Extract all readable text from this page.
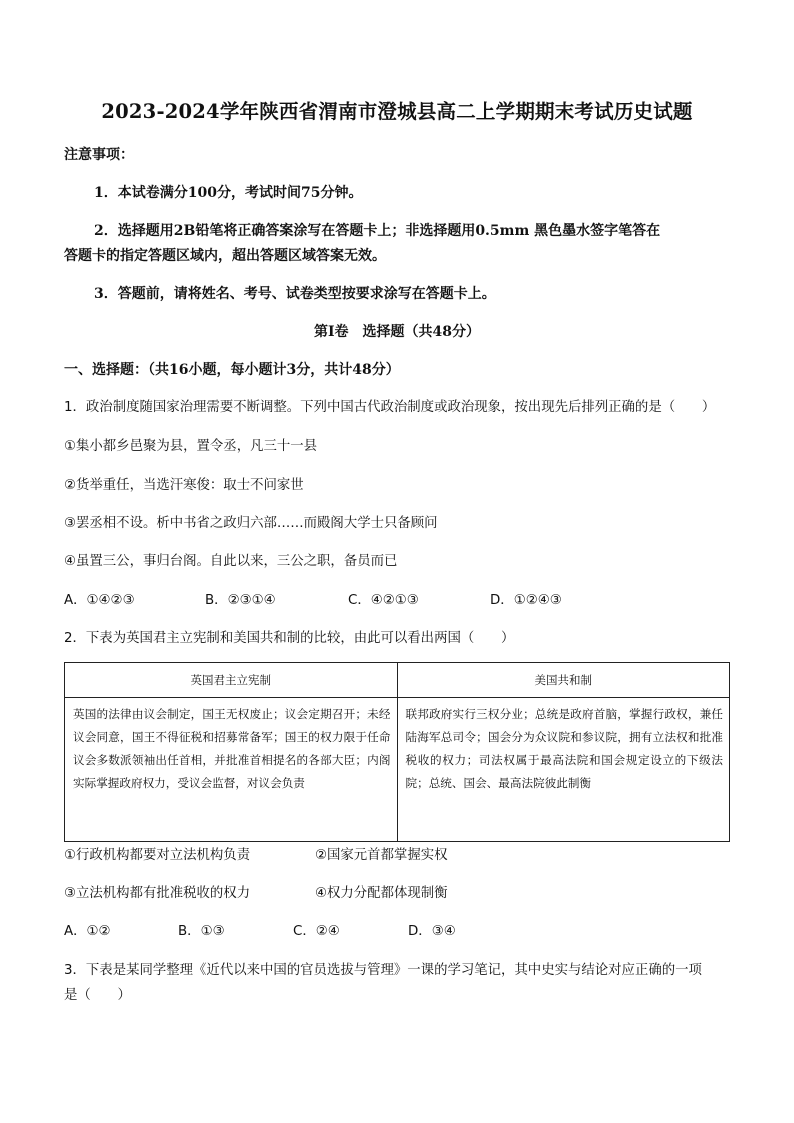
2023-2024学年陕西省渭南市澄城县高二上学期期末考试历史试题
注意事项：
1．本试卷满分100分，考试时间75分钟。
2．选择题用2B铅笔将正确答案涂写在答题卡上；非选择题用0.5mm 黑色墨水签字笔答在
答题卡的指定答题区域内，超出答题区域答案无效。
3．答题前，请将姓名、考号、试卷类型按要求涂写在答题卡上。
第Ⅰ卷　选择题（共48分）
一、选择题：（共16小题，每小题计3分，共计48分）
1．政治制度随国家治理需要不断调整。下列中国古代政治制度或政治现象，按出现先后排列正确的是（　　）
①集小都乡邑聚为县，置令丞，凡三十一县
②货举重任，当选汗寒俊：取士不问家世
③罢丞相不设。析中书省之政归六部……而殿阁大学士只备顾问
④虽置三公，事归台阁。自此以来，三公之职，备员而已
A．①④②③	B．②③①④	C．④②①③	D．①②④③
2．下表为英国君主立宪制和美国共和制的比较，由此可以看出两国（　　）
英国君主立宪制	美国共和制
英国的法律由议会制定，国王无权废止；议会定期召开；未经议会同意，国王不得征税和招募常备军；国王的权力限于任命议会多数派领袖出任首相，并批准首相提名的各部大臣；内阁实际掌握政府权力，受议会监督，对议会负责	联邦政府实行三权分业；总统是政府首脑，掌握行政权，兼任陆海军总司令；国会分为众议院和参议院，拥有立法权和批准税收的权力；司法权属于最高法院和国会规定设立的下级法院；总统、国会、最高法院彼此制衡
①行政机构都要对立法机构负责	②国家元首都掌握实权
③立法机构都有批准税收的权力	④权力分配都体现制衡
A．①②	B．①③	C．②④	D．③④
3．下表是某同学整理《近代以来中国的官员选拔与管理》一课的学习笔记，其中史实与结论对应正确的一项
是（　　）
